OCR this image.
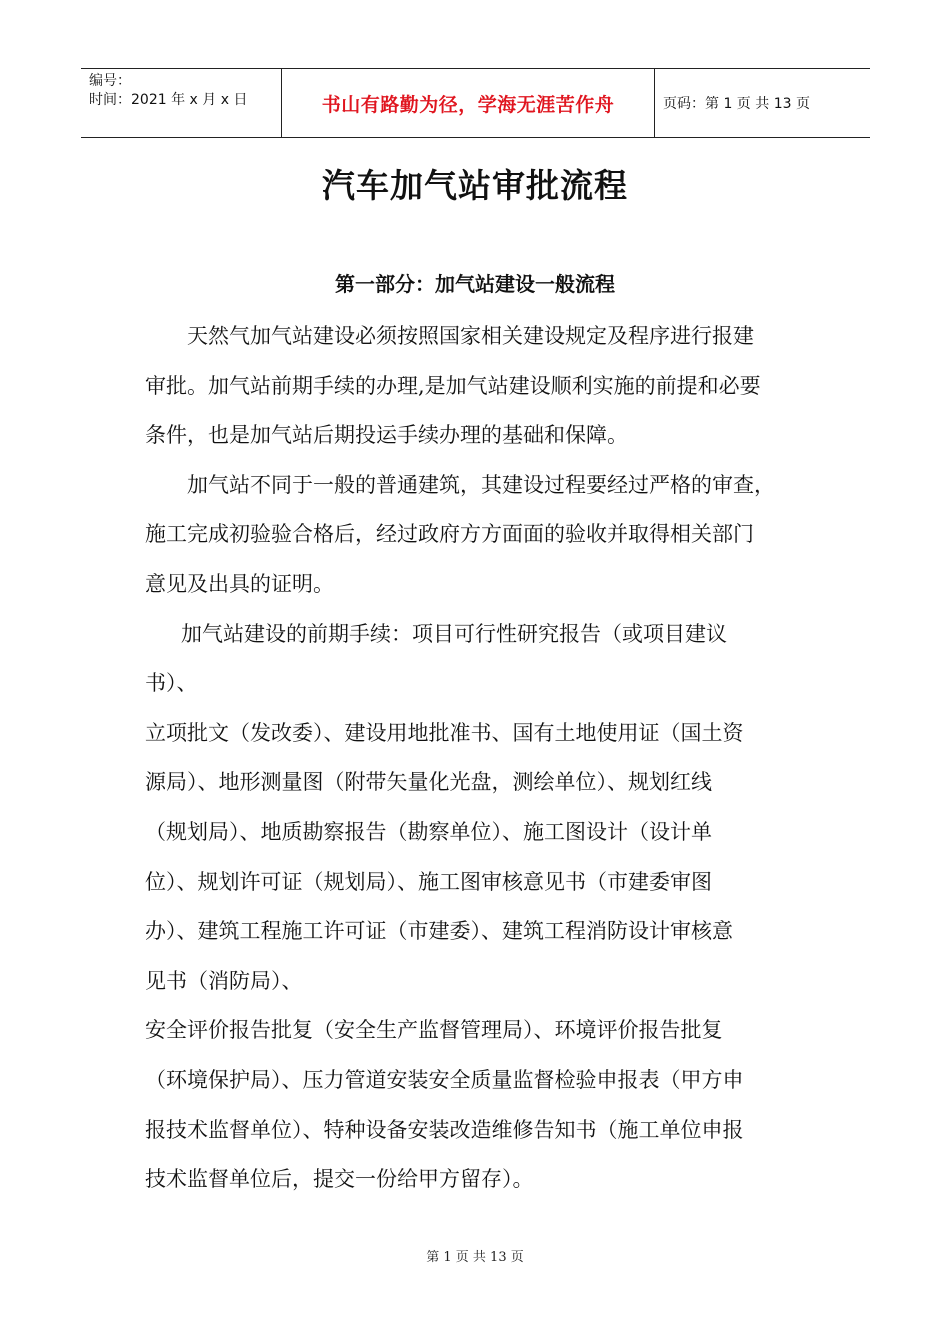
编号：
时间：2021 年 x 月 x 日	书山有路勤为径，学海无涯苦作舟	页码：第 1 页 共 13 页
汽车加气站审批流程
第一部分：加气站建设一般流程
天然气加气站建设必须按照国家相关建设规定及程序进行报建
审批。加气站前期手续的办理,是加气站建设顺利实施的前提和必要
条件，也是加气站后期投运手续办理的基础和保障。
加气站不同于一般的普通建筑，其建设过程要经过严格的审查，
施工完成初验验合格后，经过政府方方面面的验收并取得相关部门
意见及出具的证明。
加气站建设的前期手续：项目可行性研究报告（或项目建议
书）、
立项批文（发改委）、建设用地批准书、国有土地使用证（国土资
源局）、地形测量图（附带矢量化光盘，测绘单位）、规划红线
（规划局）、地质勘察报告（勘察单位）、施工图设计（设计单
位）、规划许可证（规划局）、施工图审核意见书（市建委审图
办）、建筑工程施工许可证（市建委）、建筑工程消防设计审核意
见书（消防局）、
安全评价报告批复（安全生产监督管理局）、环境评价报告批复
（环境保护局）、压力管道安装安全质量监督检验申报表（甲方申
报技术监督单位）、特种设备安装改造维修告知书（施工单位申报
技术监督单位后，提交一份给甲方留存）。
第 1 页 共 13 页
